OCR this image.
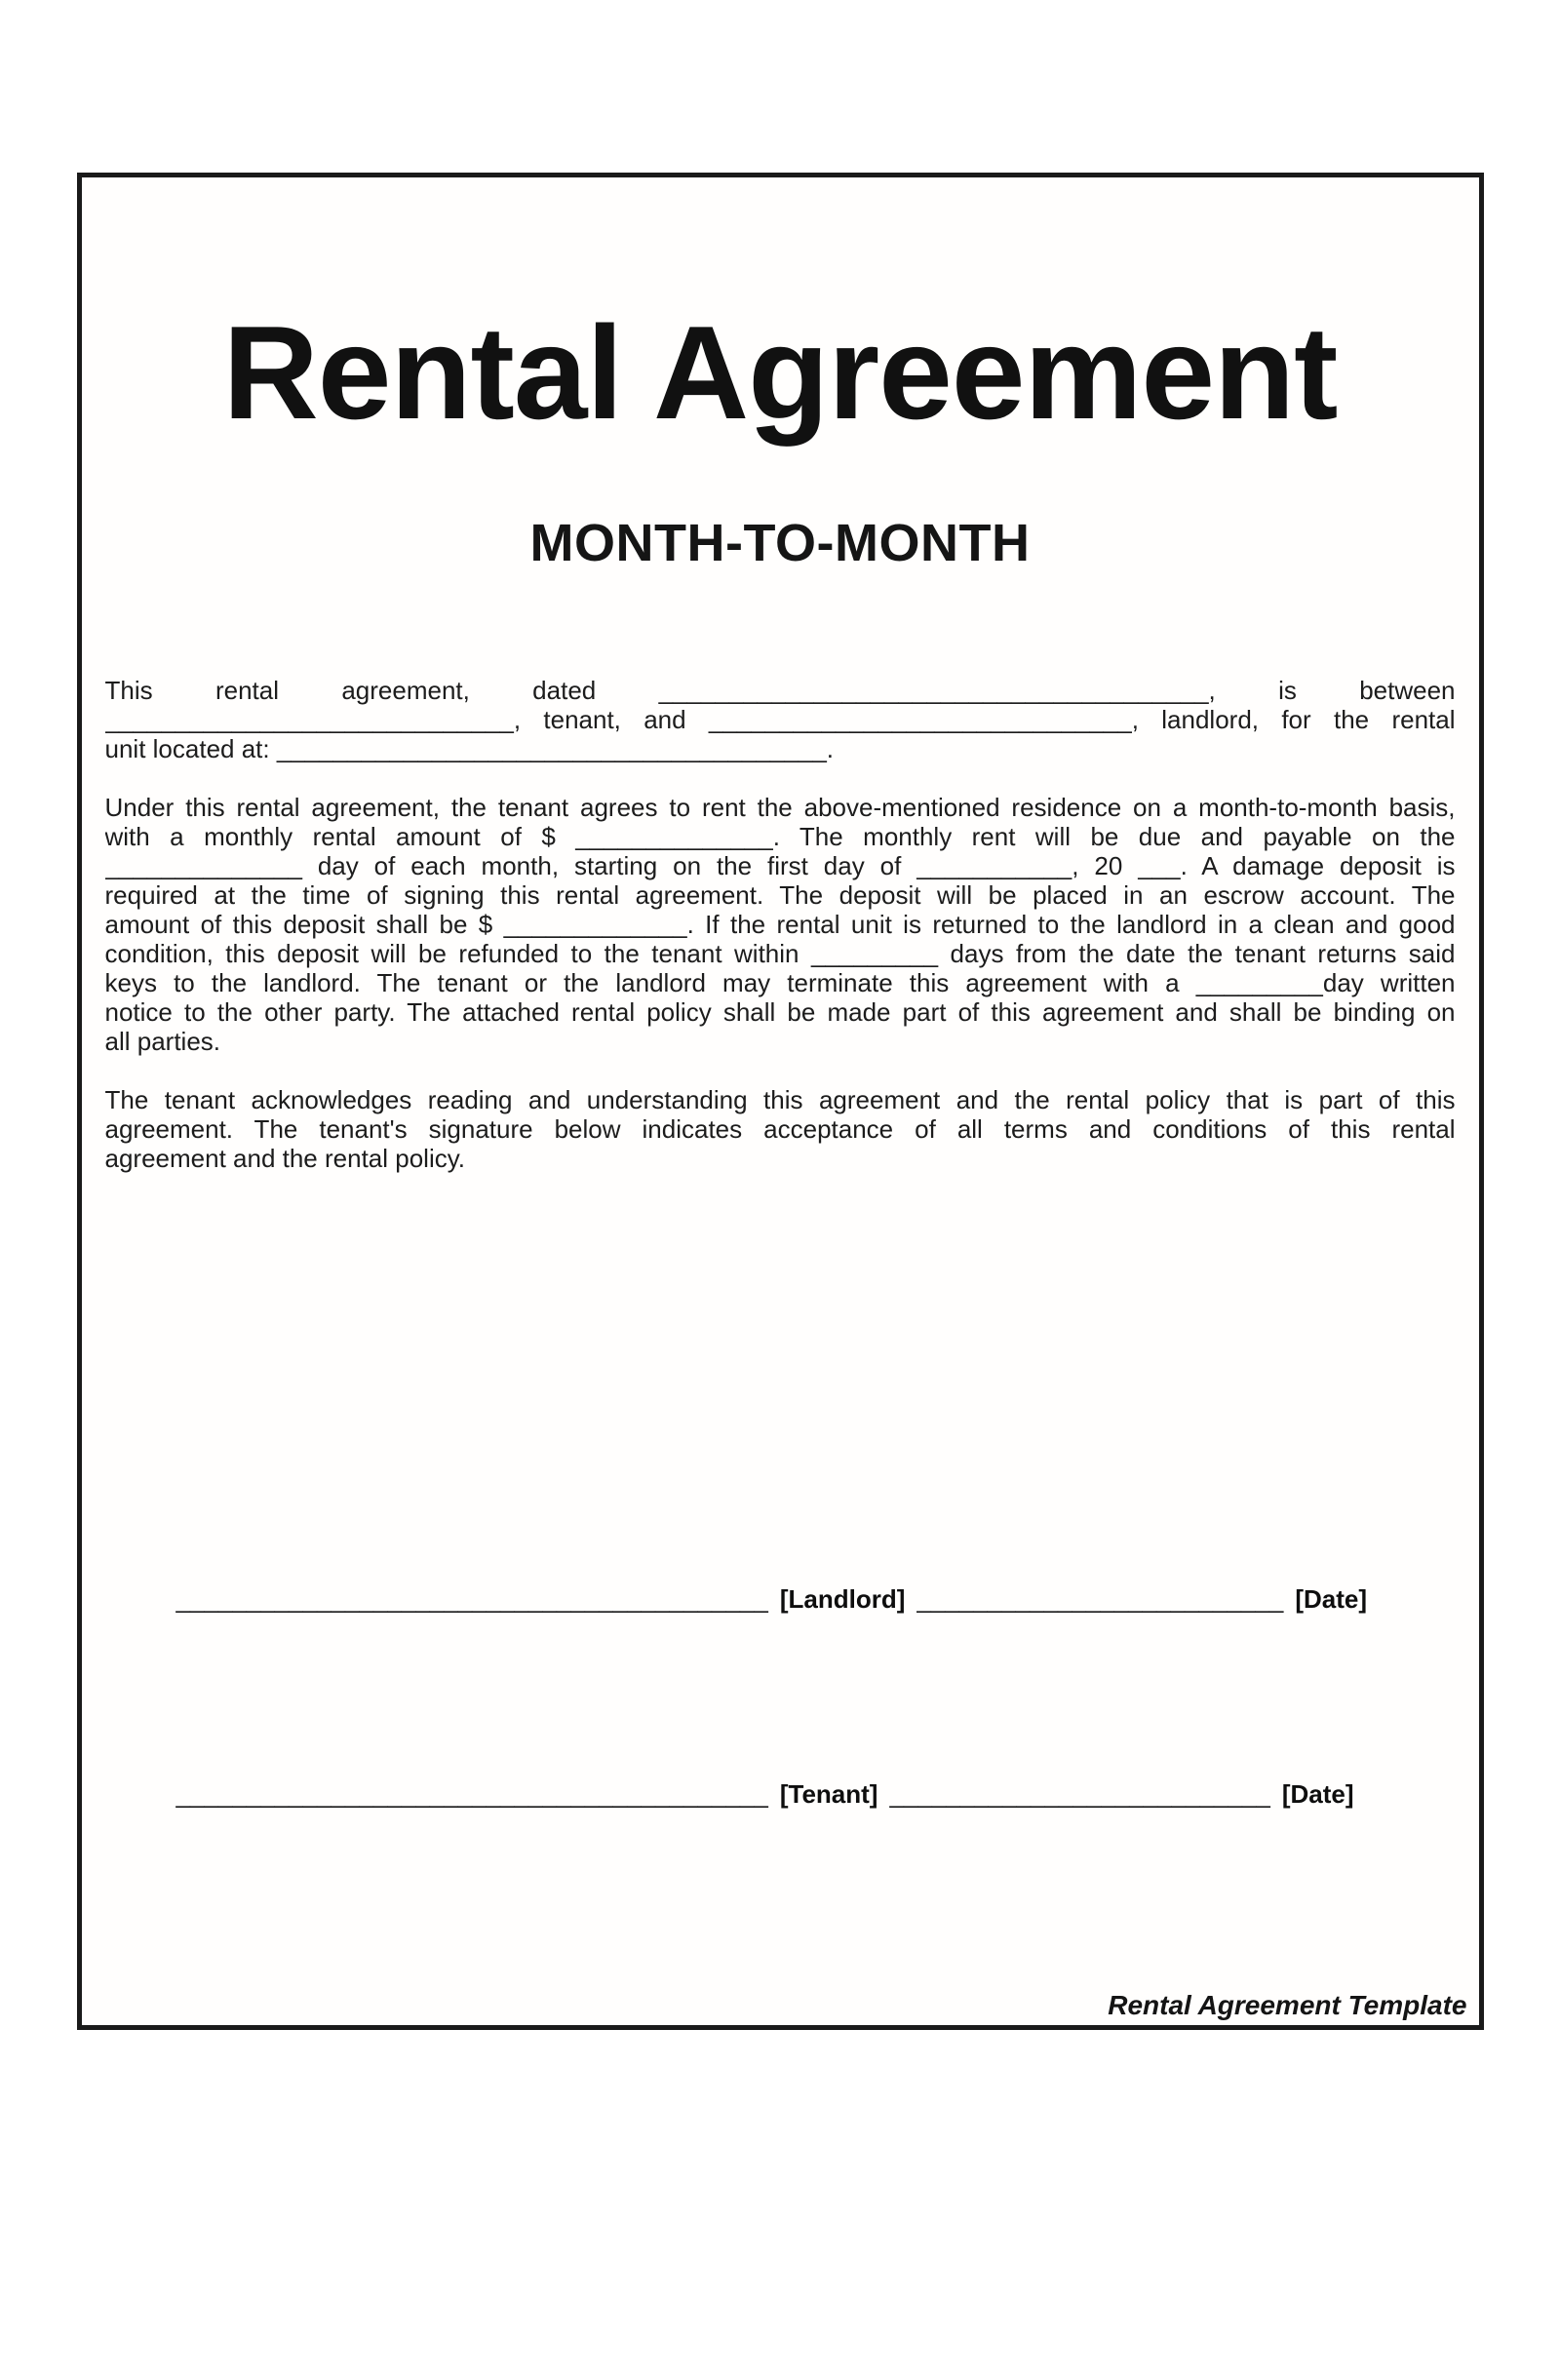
Rental Agreement
MONTH-TO-MONTH
This rental agreement, dated _______________________________________, is between
_____________________________, tenant, and ______________________________, landlord, for the rental
unit located at: _______________________________________.
Under this rental agreement, the tenant agrees to rent the above-mentioned residence on a month-to-month basis,
with a monthly rental amount of $ ______________. The monthly rent will be due and payable on the
______________ day of each month, starting on the first day of ___________, 20 ___. A damage deposit is
required at the time of signing this rental agreement. The deposit will be placed in an escrow account. The
amount of this deposit shall be $ _____________. If the rental unit is returned to the landlord in a clean and good
condition, this deposit will be refunded to the tenant within _________ days from the date the tenant returns said
keys to the landlord. The tenant or the landlord may terminate this agreement with a _________day written
notice to the other party. The attached rental policy shall be made part of this agreement and shall be binding on
all parties.
The tenant acknowledges reading and understanding this agreement and the rental policy that is part of this
agreement. The tenant's signature below indicates acceptance of all terms and conditions of this rental
agreement and the rental policy.
__________________________________________ [Landlord] __________________________ [Date]
__________________________________________ [Tenant] ___________________________ [Date]
Rental Agreement Template
